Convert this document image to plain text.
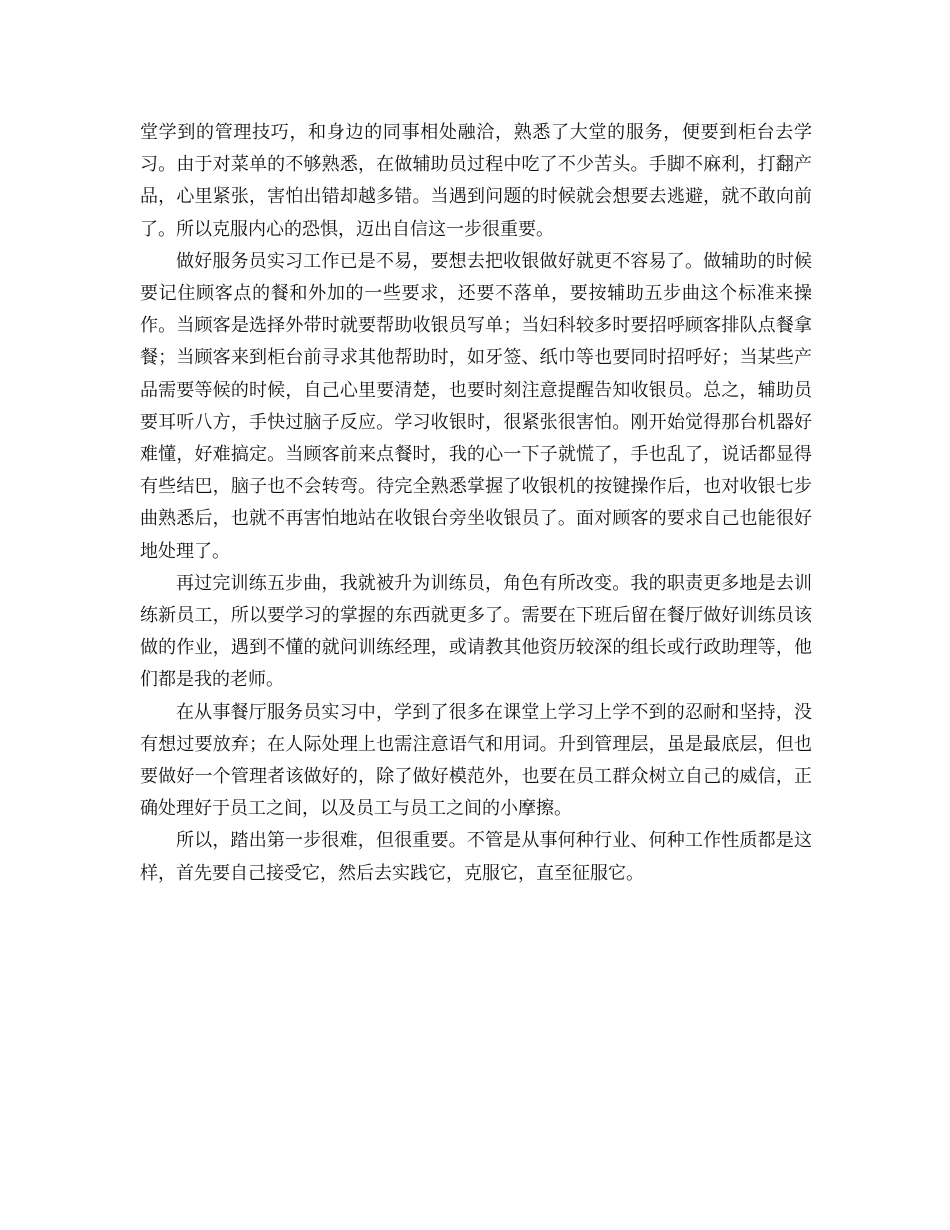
堂学到的管理技巧，和身边的同事相处融洽，熟悉了大堂的服务，便要到柜台去学习。由于对菜单的不够熟悉，在做辅助员过程中吃了不少苦头。手脚不麻利，打翻产品，心里紧张，害怕出错却越多错。当遇到问题的时候就会想要去逃避，就不敢向前了。所以克服内心的恐惧，迈出自信这一步很重要。

做好服务员实习工作已是不易，要想去把收银做好就更不容易了。做辅助的时候要记住顾客点的餐和外加的一些要求，还要不落单，要按辅助五步曲这个标准来操作。当顾客是选择外带时就要帮助收银员写单；当妇科较多时要招呼顾客排队点餐拿餐；当顾客来到柜台前寻求其他帮助时，如牙签、纸巾等也要同时招呼好；当某些产品需要等候的时候，自己心里要清楚，也要时刻注意提醒告知收银员。总之，辅助员要耳听八方，手快过脑子反应。学习收银时，很紧张很害怕。刚开始觉得那台机器好难懂，好难搞定。当顾客前来点餐时，我的心一下子就慌了，手也乱了，说话都显得有些结巴，脑子也不会转弯。待完全熟悉掌握了收银机的按键操作后，也对收银七步曲熟悉后，也就不再害怕地站在收银台旁坐收银员了。面对顾客的要求自己也能很好地处理了。

再过完训练五步曲，我就被升为训练员，角色有所改变。我的职责更多地是去训练新员工，所以要学习的掌握的东西就更多了。需要在下班后留在餐厅做好训练员该做的作业，遇到不懂的就问训练经理，或请教其他资历较深的组长或行政助理等，他们都是我的老师。

在从事餐厅服务员实习中，学到了很多在课堂上学习上学不到的忍耐和坚持，没有想过要放弃；在人际处理上也需注意语气和用词。升到管理层，虽是最底层，但也要做好一个管理者该做好的，除了做好模范外，也要在员工群众树立自己的威信，正确处理好于员工之间，以及员工与员工之间的小摩擦。

所以，踏出第一步很难，但很重要。不管是从事何种行业、何种工作性质都是这样，首先要自己接受它，然后去实践它，克服它，直至征服它。
